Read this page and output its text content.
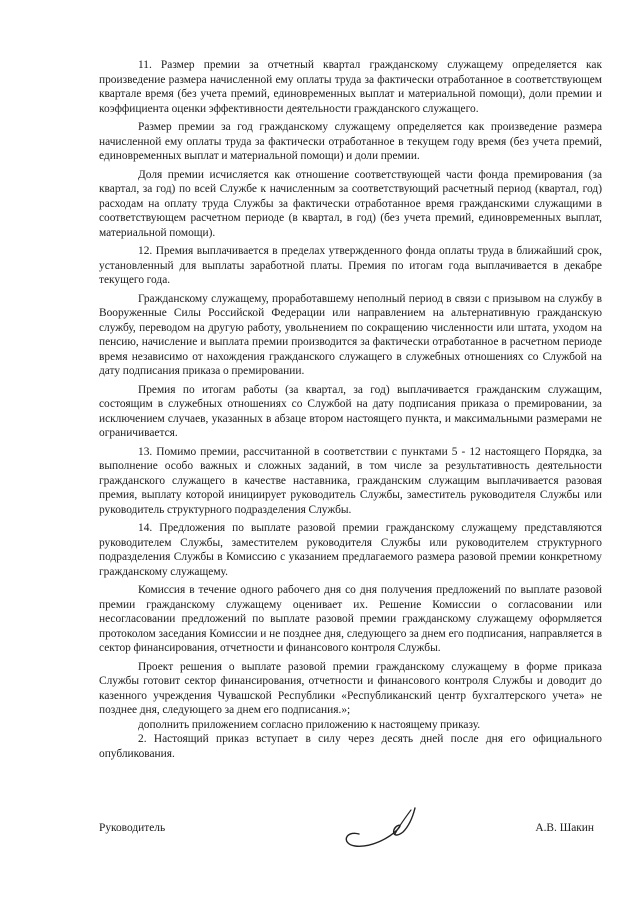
11. Размер премии за отчетный квартал гражданскому служащему определяется как произведение размера начисленной ему оплаты труда за фактически отработанное в соответствующем квартале время (без учета премий, единовременных выплат и материальной помощи), доли премии и коэффициента оценки эффективности деятельности гражданского служащего.

Размер премии за год гражданскому служащему определяется как произведение размера начисленной ему оплаты труда за фактически отработанное в текущем году время (без учета премий, единовременных выплат и материальной помощи) и доли премии.

Доля премии исчисляется как отношение соответствующей части фонда премирования (за квартал, за год) по всей Службе к начисленным за соответствующий расчетный период (квартал, год) расходам на оплату труда Службы за фактически отработанное время гражданскими служащими в соответствующем расчетном периоде (в квартал, в год) (без учета премий, единовременных выплат, материальной помощи).

12. Премия выплачивается в пределах утвержденного фонда оплаты труда в ближайший срок, установленный для выплаты заработной платы. Премия по итогам года выплачивается в декабре текущего года.

Гражданскому служащему, проработавшему неполный период в связи с призывом на службу в Вооруженные Силы Российской Федерации или направлением на альтернативную гражданскую службу, переводом на другую работу, увольнением по сокращению численности или штата, уходом на пенсию, начисление и выплата премии производится за фактически отработанное в расчетном периоде время независимо от нахождения гражданского служащего в служебных отношениях со Службой на дату подписания приказа о премировании.

Премия по итогам работы (за квартал, за год) выплачивается гражданским служащим, состоящим в служебных отношениях со Службой на дату подписания приказа о премировании, за исключением случаев, указанных в абзаце втором настоящего пункта, и максимальными размерами не ограничивается.

13. Помимо премии, рассчитанной в соответствии с пунктами 5 - 12 настоящего Порядка, за выполнение особо важных и сложных заданий, в том числе за результативность деятельности гражданского служащего в качестве наставника, гражданским служащим выплачивается разовая премия, выплату которой инициирует руководитель Службы, заместитель руководителя Службы или руководитель структурного подразделения Службы.

14. Предложения по выплате разовой премии гражданскому служащему представляются руководителем Службы, заместителем руководителя Службы или руководителем структурного подразделения Службы в Комиссию с указанием предлагаемого размера разовой премии конкретному гражданскому служащему.

Комиссия в течение одного рабочего дня со дня получения предложений по выплате разовой премии гражданскому служащему оценивает их. Решение Комиссии о согласовании или несогласовании предложений по выплате разовой премии гражданскому служащему оформляется протоколом заседания Комиссии и не позднее дня, следующего за днем его подписания, направляется в сектор финансирования, отчетности и финансового контроля Службы.

Проект решения о выплате разовой премии гражданскому служащему в форме приказа Службы готовит сектор финансирования, отчетности и финансового контроля Службы и доводит до казенного учреждения Чувашской Республики «Республиканский центр бухгалтерского учета» не позднее дня, следующего за днем его подписания.»;

дополнить приложением согласно приложению к настоящему приказу.

2. Настоящий приказ вступает в силу через десять дней после дня его официального опубликования.

Руководитель	А.В. Шакин
